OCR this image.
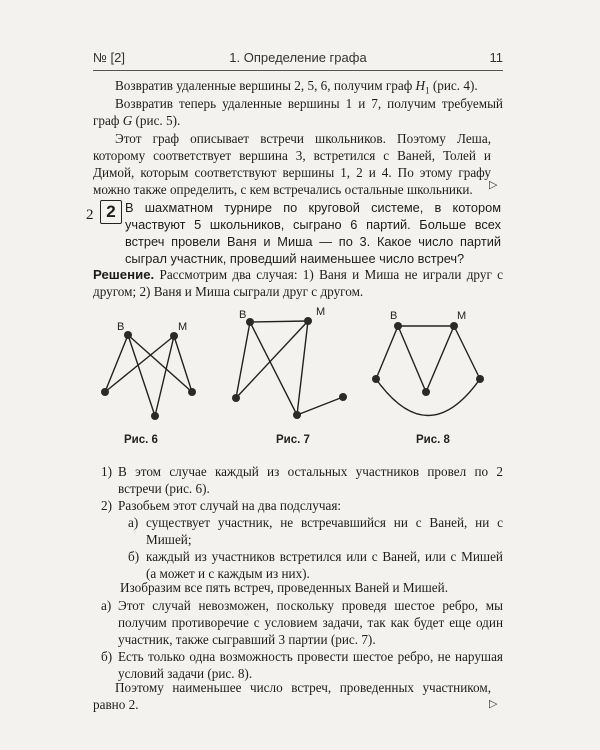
№ [2]	1. Определение графа	11

Возвратив удаленные вершины 2, 5, 6, получим граф $H_1$ (рис. 4).

Возвратив теперь удаленные вершины 1 и 7, получим требуемый граф G (рис. 5).

Этот граф описывает встречи школьников. Поэтому Леша, которому соответствует вершина 3, встретился с Ваней, Толей и Димой, которым соответствуют вершины 1, 2 и 4. По этому графу можно также определить, с кем встречались остальные школьники.	▷
2 2 В шахматном турнире по круговой системе, в котором участвуют 5 школьников, сыграно 6 партий. Больше всех встреч провели Ваня и Миша — по 3. Какое число партий сыграл участник, проведший наименьшее число встреч?

Решение. Рассмотрим два случая: 1) Ваня и Миша не играли друг с другом; 2) Ваня и Миша сыграли друг с другом.

В	М
Рис. 6
В	М
Рис. 7
В	М
Рис. 8
1) В этом случае каждый из остальных участников провел по 2 встречи (рис. 6).

2) Разобьем этот случай на два подслучая:

а) существует участник, не встречавшийся ни с Ваней, ни с Мишей;

б) каждый из участников встретился или с Ваней, или с Мишей (а может и с каждым из них).

Изобразим все пять встреч, проведенных Ваней и Мишей.

а) Этот случай невозможен, поскольку проведя шестое ребро, мы получим противоречие с условием задачи, так как будет еще один участник, также сыгравший 3 партии (рис. 7).

б) Есть только одна возможность провести шестое ребро, не нарушая условий задачи (рис. 8).

Поэтому наименьшее число встреч, проведенных участником, равно 2.	▷
